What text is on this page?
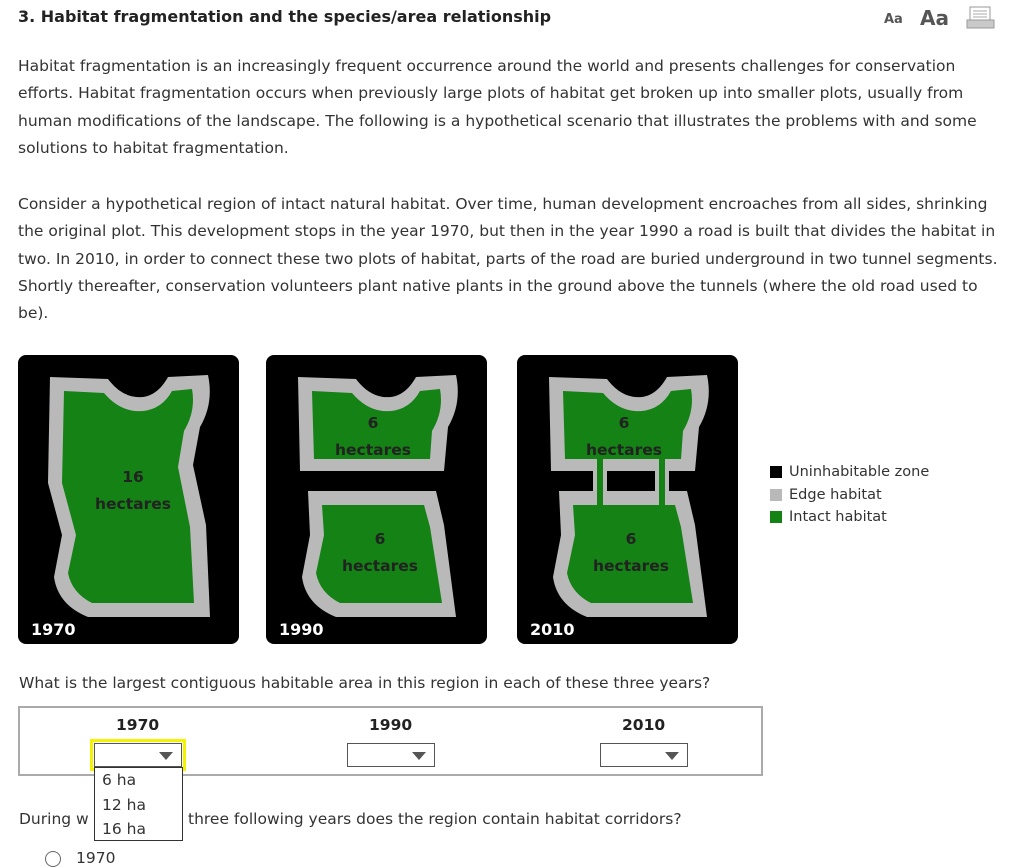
3. Habitat fragmentation and the species/area relationship	Aa Aa

Habitat fragmentation is an increasingly frequent occurrence around the world and presents challenges for conservation efforts. Habitat fragmentation occurs when previously large plots of habitat get broken up into smaller plots, usually from human modifications of the landscape. The following is a hypothetical scenario that illustrates the problems with and some solutions to habitat fragmentation.

Consider a hypothetical region of intact natural habitat. Over time, human development encroaches from all sides, shrinking the original plot. This development stops in the year 1970, but then in the year 1990 a road is built that divides the habitat in two. In 2010, in order to connect these two plots of habitat, parts of the road are buried underground in two tunnel segments. Shortly thereafter, conservation volunteers plant native plants in the ground above the tunnels (where the old road used to be).

16
hectares
1970
6
hectares
6
hectares
1990
6
hectares
6
hectares
2010
Uninhabitable zone
Edge habitat
Intact habitat
What is the largest contiguous habitable area in this region in each of these three years?
1970	1990	2010
During w	three following years does the region contain habitat corridors?
1970
6 ha
12 ha
16 ha
